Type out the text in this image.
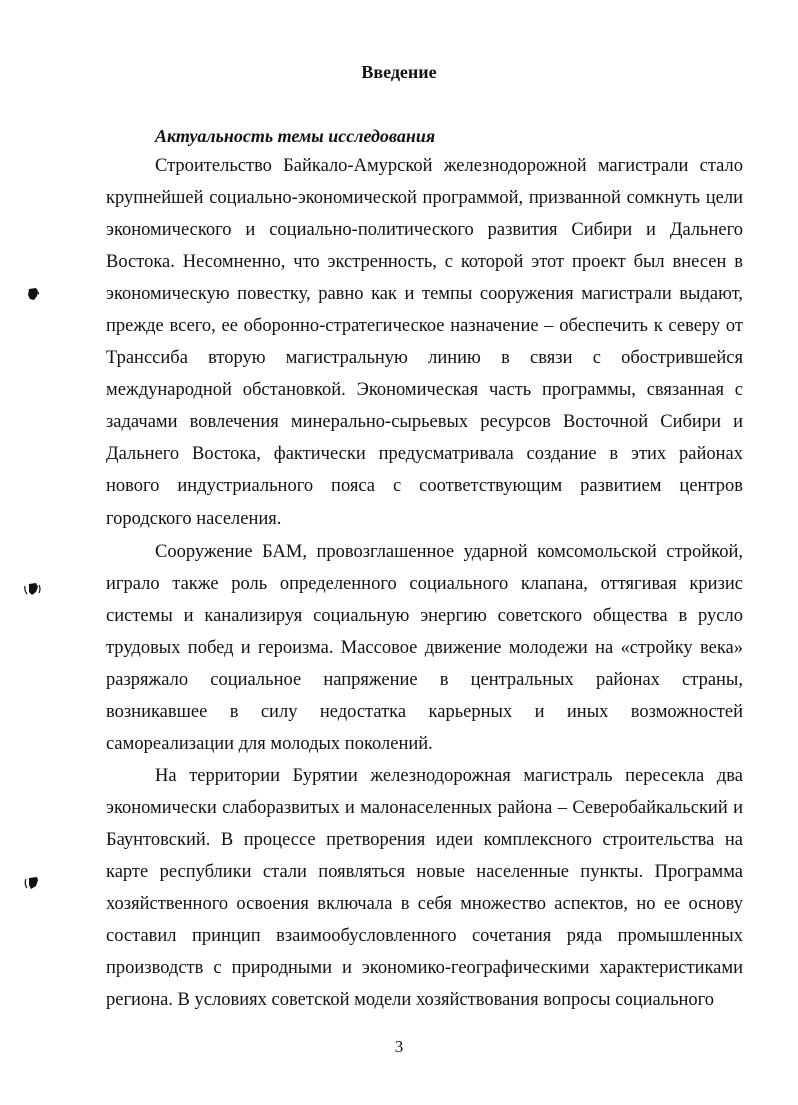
Введение

Актуальность темы исследования

Строительство Байкало-Амурской железнодорожной магистрали стало крупнейшей социально-экономической программой, призванной сомкнуть цели экономического и социально-политического развития Сибири и Дальнего Востока. Несомненно, что экстренность, с которой этот проект был внесен в экономическую повестку, равно как и темпы сооружения магистрали выдают, прежде всего, ее оборонно-стратегическое назначение – обеспечить к северу от Транссиба вторую магистральную линию в связи с обострившейся международной обстановкой. Экономическая часть программы, связанная с задачами вовлечения минерально-сырьевых ресурсов Восточной Сибири и Дальнего Востока, фактически предусматривала создание в этих районах нового индустриального пояса с соответствующим развитием центров городского населения.

Сооружение БАМ, провозглашенное ударной комсомольской стройкой, играло также роль определенного социального клапана, оттягивая кризис системы и канализируя социальную энергию советского общества в русло трудовых побед и героизма. Массовое движение молодежи на «стройку века» разряжало социальное напряжение в центральных районах страны, возникавшее в силу недостатка карьерных и иных возможностей самореализации для молодых поколений.

На территории Бурятии железнодорожная магистраль пересекла два экономически слаборазвитых и малонаселенных района – Северобайкальский и Баунтовский. В процессе претворения идеи комплексного строительства на карте республики стали появляться новые населенные пункты. Программа хозяйственного освоения включала в себя множество аспектов, но ее основу составил принцип взаимообусловленного сочетания ряда промышленных производств с природными и экономико-географическими характеристиками региона. В условиях советской модели хозяйствования вопросы социального

3
